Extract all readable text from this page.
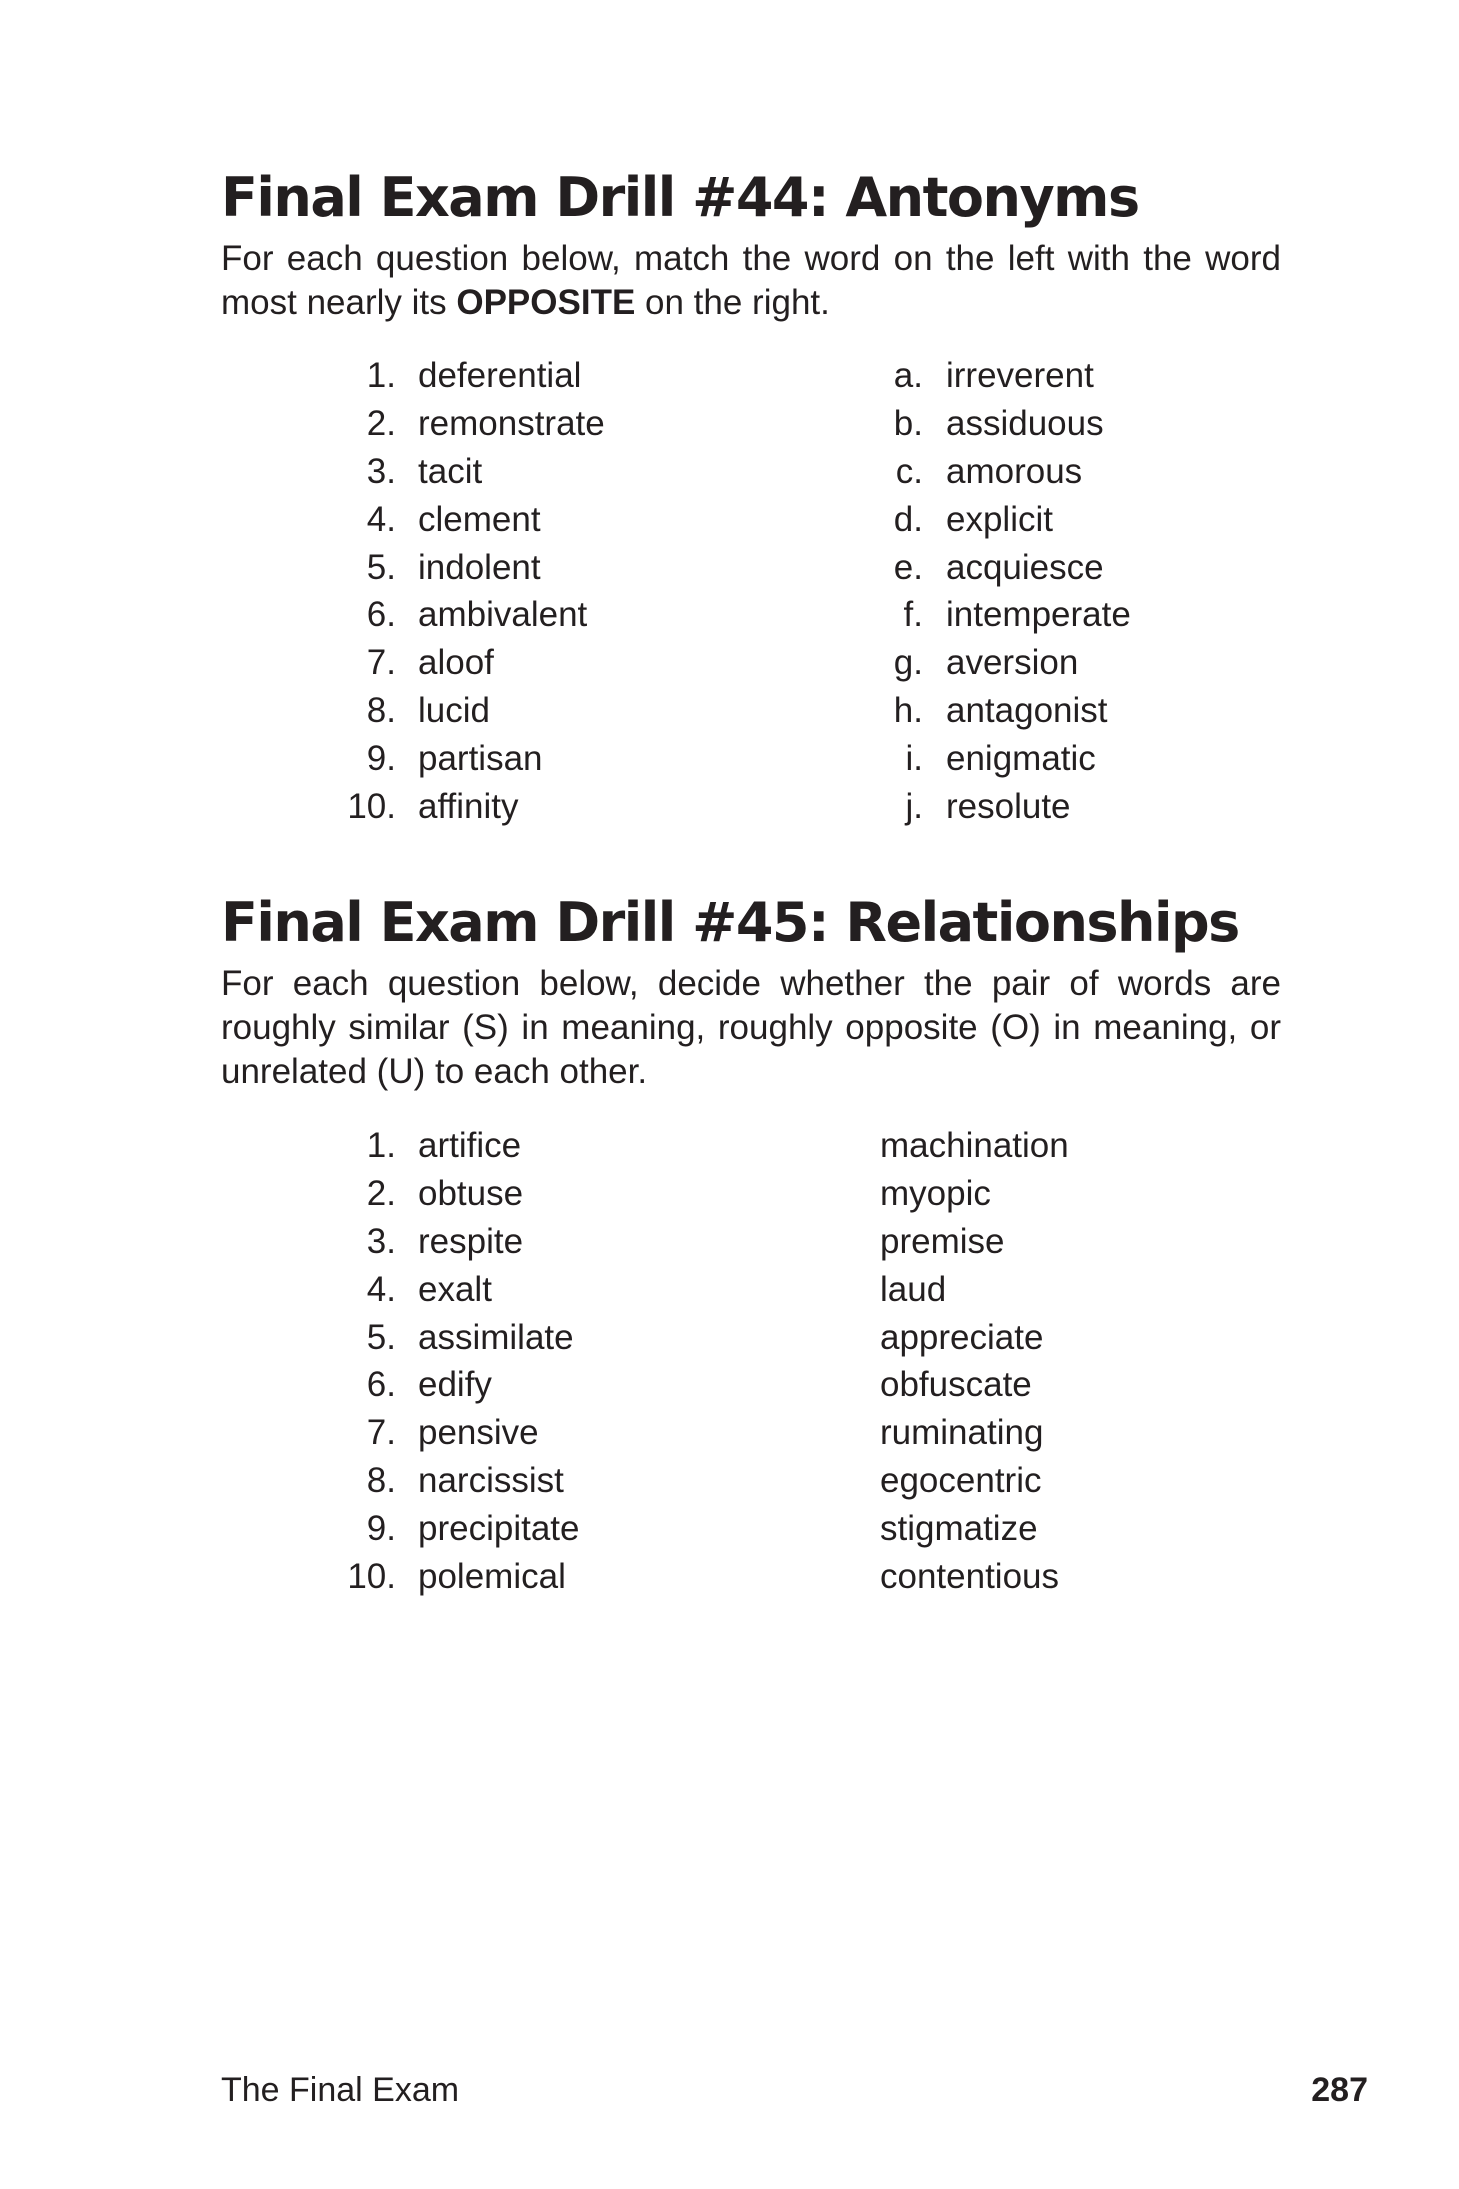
Final Exam Drill #44: Antonyms

For each question below, match the word on the left with the word most nearly its OPPOSITE on the right.

1.
2.
3.
4.
5.
6.
7.
8.
9.
10.
deferential
remonstrate
tacit
clement
indolent
ambivalent
aloof
lucid
partisan
affinity
a.
b.
c.
d.
e.
f.
g.
h.
i.
j.
irreverent
assiduous
amorous
explicit
acquiesce
intemperate
aversion
antagonist
enigmatic
resolute
Final Exam Drill #45: Relationships

For each question below, decide whether the pair of words are roughly similar (S) in meaning, roughly opposite (O) in meaning, or unrelated (U) to each other.

1.
2.
3.
4.
5.
6.
7.
8.
9.
10.
artifice
obtuse
respite
exalt
assimilate
edify
pensive
narcissist
precipitate
polemical
machination
myopic
premise
laud
appreciate
obfuscate
ruminating
egocentric
stigmatize
contentious
The Final Exam	287
